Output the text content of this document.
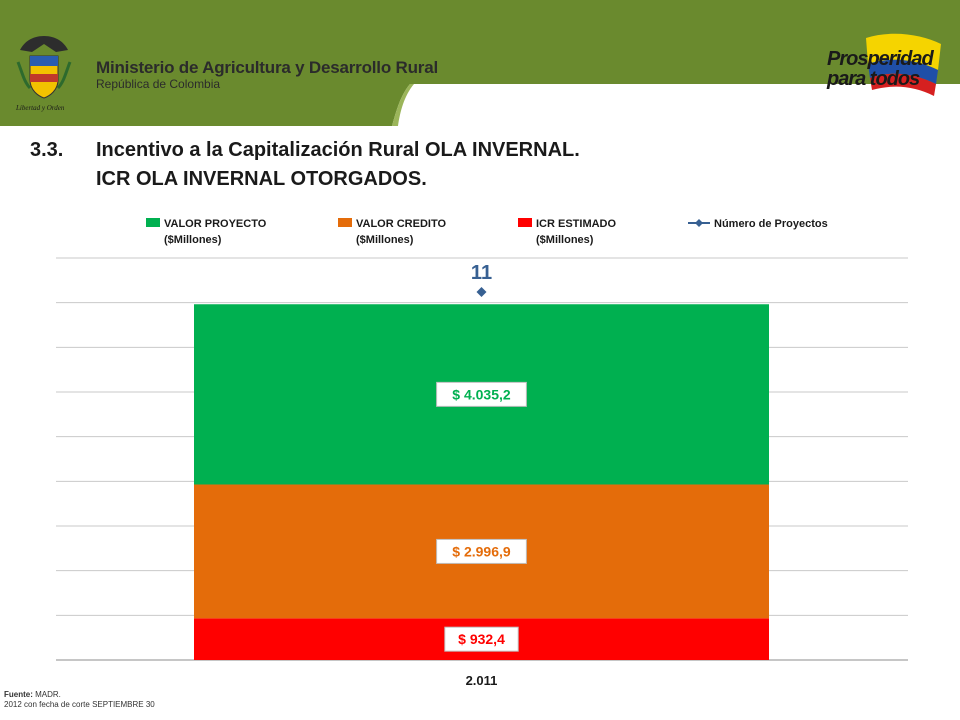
Libertad y Orden
Ministerio de Agricultura y Desarrollo Rural
República de Colombia
Prosperidad
para todos
3.3. Incentivo a la Capitalización Rural OLA INVERNAL.
ICR OLA INVERNAL OTORGADOS.
$ 932,4
$ 2.996,9
$ 4.035,2
11
2.011
VALOR PROYECTO
($Millones)
VALOR CREDITO
($Millones)
ICR ESTIMADO
($Millones)
Número de Proyectos
Fuente: MADR.
2012 con fecha de corte SEPTIEMBRE 30
